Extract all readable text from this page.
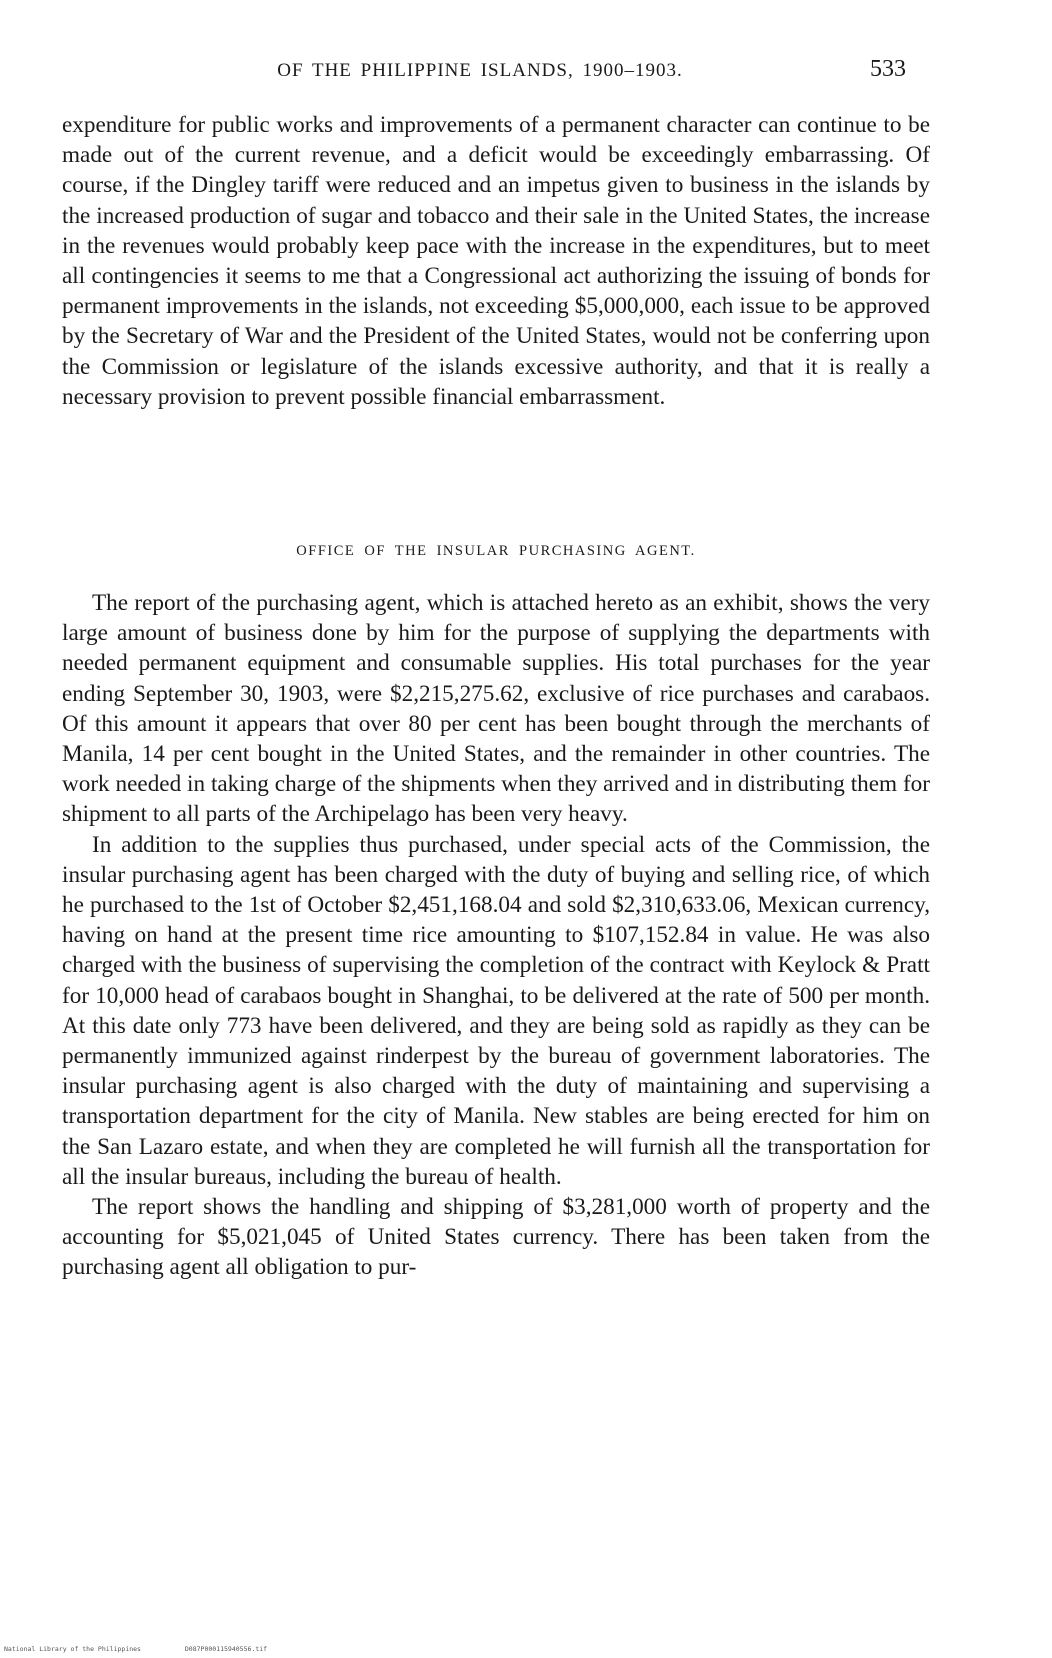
OF THE PHILIPPINE ISLANDS, 1900–1903.	533

expenditure for public works and improvements of a permanent character can continue to be made out of the current revenue, and a deficit would be exceedingly embarrassing. Of course, if the Dingley tariff were reduced and an impetus given to business in the islands by the increased production of sugar and tobacco and their sale in the United States, the increase in the revenues would probably keep pace with the increase in the expenditures, but to meet all contingencies it seems to me that a Congressional act authorizing the issuing of bonds for permanent improvements in the islands, not exceeding $5,000,000, each issue to be approved by the Secretary of War and the President of the United States, would not be conferring upon the Commission or legislature of the islands excessive authority, and that it is really a necessary provision to prevent possible financial embarrassment.

OFFICE OF THE INSULAR PURCHASING AGENT.

The report of the purchasing agent, which is attached hereto as an exhibit, shows the very large amount of business done by him for the purpose of supplying the departments with needed permanent equipment and consumable supplies. His total purchases for the year ending September 30, 1903, were $2,215,275.62, exclusive of rice purchases and carabaos. Of this amount it appears that over 80 per cent has been bought through the merchants of Manila, 14 per cent bought in the United States, and the remainder in other countries. The work needed in taking charge of the shipments when they arrived and in distributing them for shipment to all parts of the Archipelago has been very heavy.

In addition to the supplies thus purchased, under special acts of the Commission, the insular purchasing agent has been charged with the duty of buying and selling rice, of which he purchased to the 1st of October $2,451,168.04 and sold $2,310,633.06, Mexican currency, having on hand at the present time rice amounting to $107,152.84 in value. He was also charged with the business of supervising the completion of the contract with Keylock & Pratt for 10,000 head of carabaos bought in Shanghai, to be delivered at the rate of 500 per month. At this date only 773 have been delivered, and they are being sold as rapidly as they can be permanently immunized against rinderpest by the bureau of government laboratories. The insular purchasing agent is also charged with the duty of maintaining and supervising a transportation department for the city of Manila. New stables are being erected for him on the San Lazaro estate, and when they are completed he will furnish all the transportation for all the insular bureaus, including the bureau of health.

The report shows the handling and shipping of $3,281,000 worth of property and the accounting for $5,021,045 of United States currency. There has been taken from the purchasing agent all obligation to pur-

National Library of the Philippines	D087P000115940556.tif
